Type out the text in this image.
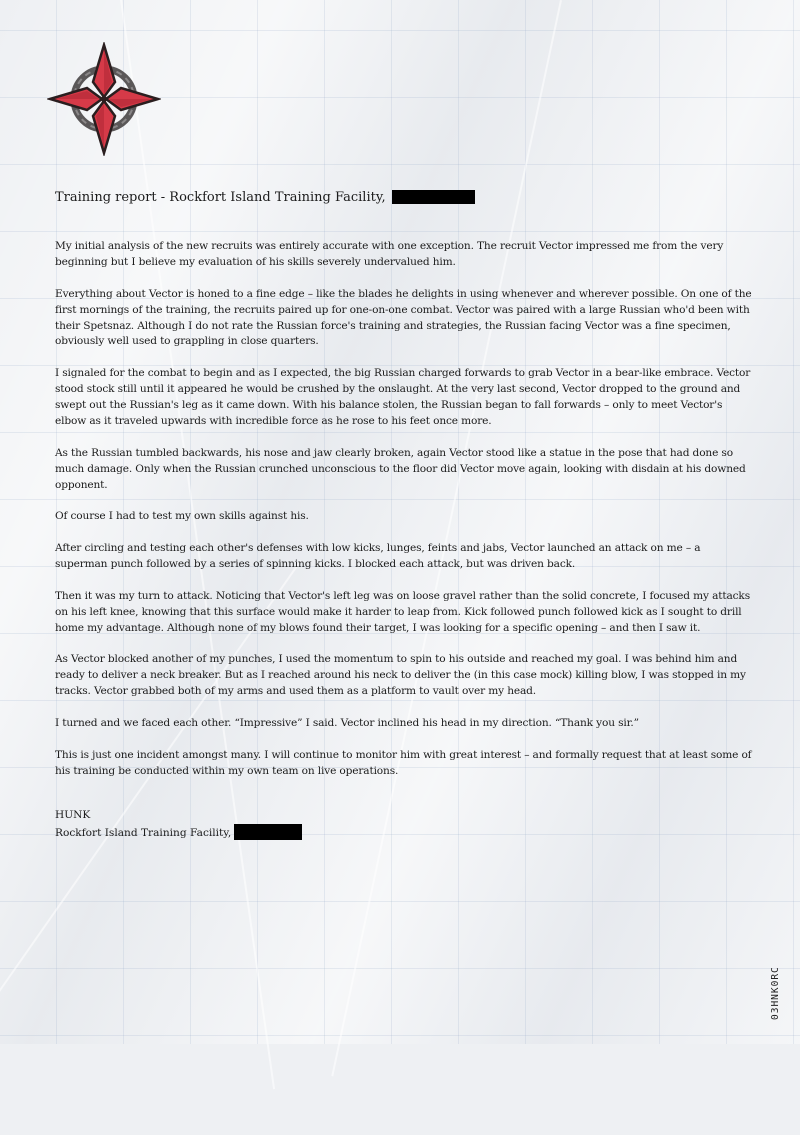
Training report - Rockfort Island Training Facility,

My initial analysis of the new recruits was entirely accurate with one exception. The recruit Vector impressed me from the very beginning but I believe my evaluation of his skills severely undervalued him.

Everything about Vector is honed to a fine edge – like the blades he delights in using whenever and wherever possible. On one of the first mornings of the training, the recruits paired up for one-on-one combat. Vector was paired with a large Russian who'd been with their Spetsnaz. Although I do not rate the Russian force's training and strategies, the Russian facing Vector was a fine specimen, obviously well used to grappling in close quarters.

I signaled for the combat to begin and as I expected, the big Russian charged forwards to grab Vector in a bear-like embrace. Vector stood stock still until it appeared he would be crushed by the onslaught. At the very last second, Vector dropped to the ground and swept out the Russian's leg as it came down. With his balance stolen, the Russian began to fall forwards – only to meet Vector's elbow as it traveled upwards with incredible force as he rose to his feet once more.

As the Russian tumbled backwards, his nose and jaw clearly broken, again Vector stood like a statue in the pose that had done so much damage. Only when the Russian crunched unconscious to the floor did Vector move again, looking with disdain at his downed opponent.

Of course I had to test my own skills against his.

After circling and testing each other's defenses with low kicks, lunges, feints and jabs, Vector launched an attack on me – a superman punch followed by a series of spinning kicks. I blocked each attack, but was driven back.

Then it was my turn to attack. Noticing that Vector's left leg was on loose gravel rather than the solid concrete, I focused my attacks on his left knee, knowing that this surface would make it harder to leap from. Kick followed punch followed kick as I sought to drill home my advantage. Although none of my blows found their target, I was looking for a specific opening – and then I saw it.

As Vector blocked another of my punches, I used the momentum to spin to his outside and reached my goal. I was behind him and ready to deliver a neck breaker. But as I reached around his neck to deliver the (in this case mock) killing blow, I was stopped in my tracks. Vector grabbed both of my arms and used them as a platform to vault over my head.

I turned and we faced each other. “Impressive” I said. Vector inclined his head in my direction. “Thank you sir.”

This is just one incident amongst many. I will continue to monitor him with great interest – and formally request that at least some of his training be conducted within my own team on live operations.

HUNK
Rockfort Island Training Facility,
03HNK0RC
